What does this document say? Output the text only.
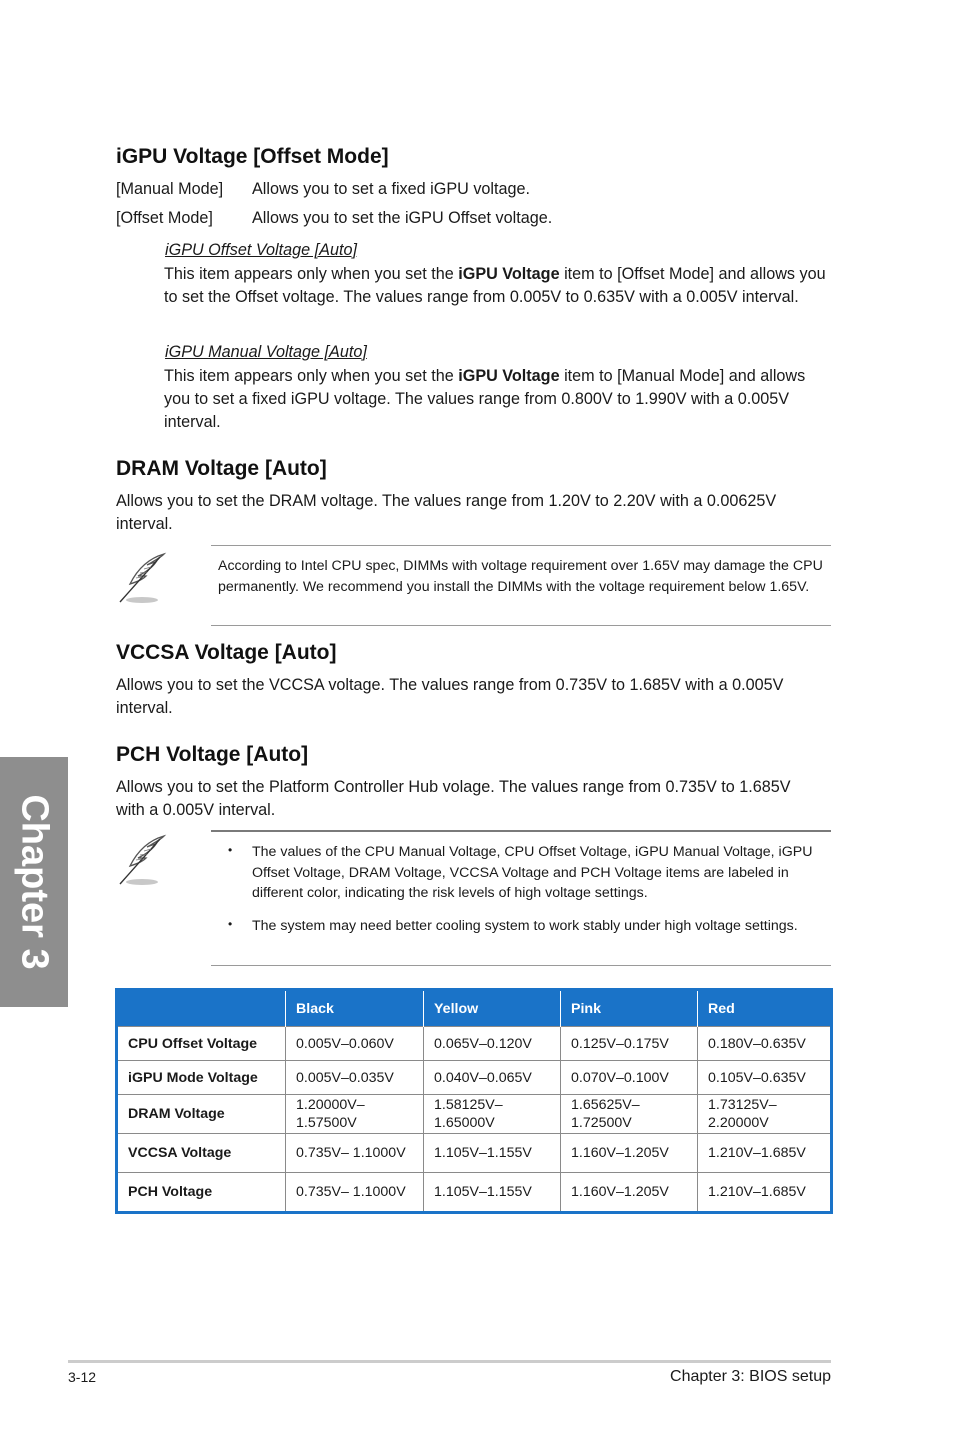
iGPU Voltage [Offset Mode]
[Manual Mode] Allows you to set a fixed iGPU voltage.
[Offset Mode] Allows you to set the iGPU Offset voltage.
iGPU Offset Voltage [Auto]
This item appears only when you set the iGPU Voltage item to [Offset Mode] and allows you to set the Offset voltage. The values range from 0.005V to 0.635V with a 0.005V interval.
iGPU Manual Voltage [Auto]
This item appears only when you set the iGPU Voltage item to [Manual Mode] and allows you to set a fixed iGPU voltage. The values range from 0.800V to 1.990V with a 0.005V interval.
DRAM Voltage [Auto]
Allows you to set the DRAM voltage. The values range from 1.20V to 2.20V with a 0.00625V interval.
According to Intel CPU spec, DIMMs with voltage requirement over 1.65V may damage the CPU permanently. We recommend you install the DIMMs with the voltage requirement below 1.65V.
VCCSA Voltage [Auto]
Allows you to set the VCCSA voltage. The values range from 0.735V to 1.685V with a 0.005V interval.
PCH Voltage [Auto]
Allows you to set the Platform Controller Hub volage. The values range from 0.735V to 1.685V with a 0.005V interval.
• The values of the CPU Manual Voltage, CPU Offset Voltage, iGPU Manual Voltage, iGPU Offset Voltage, DRAM Voltage, VCCSA Voltage and PCH Voltage items are labeled in different color, indicating the risk levels of high voltage settings.
• The system may need better cooling system to work stably under high voltage settings.
	Black	Yellow	Pink	Red
CPU Offset Voltage	0.005V–0.060V	0.065V–0.120V	0.125V–0.175V	0.180V–0.635V
iGPU Mode Voltage	0.005V–0.035V	0.040V–0.065V	0.070V–0.100V	0.105V–0.635V
DRAM Voltage	1.20000V– 1.57500V	1.58125V– 1.65000V	1.65625V– 1.72500V	1.73125V– 2.20000V
VCCSA Voltage	0.735V– 1.1000V	1.105V–1.155V	1.160V–1.205V	1.210V–1.685V
PCH Voltage	0.735V– 1.1000V	1.105V–1.155V	1.160V–1.205V	1.210V–1.685V
Chapter 3
3-12	Chapter 3: BIOS setup
